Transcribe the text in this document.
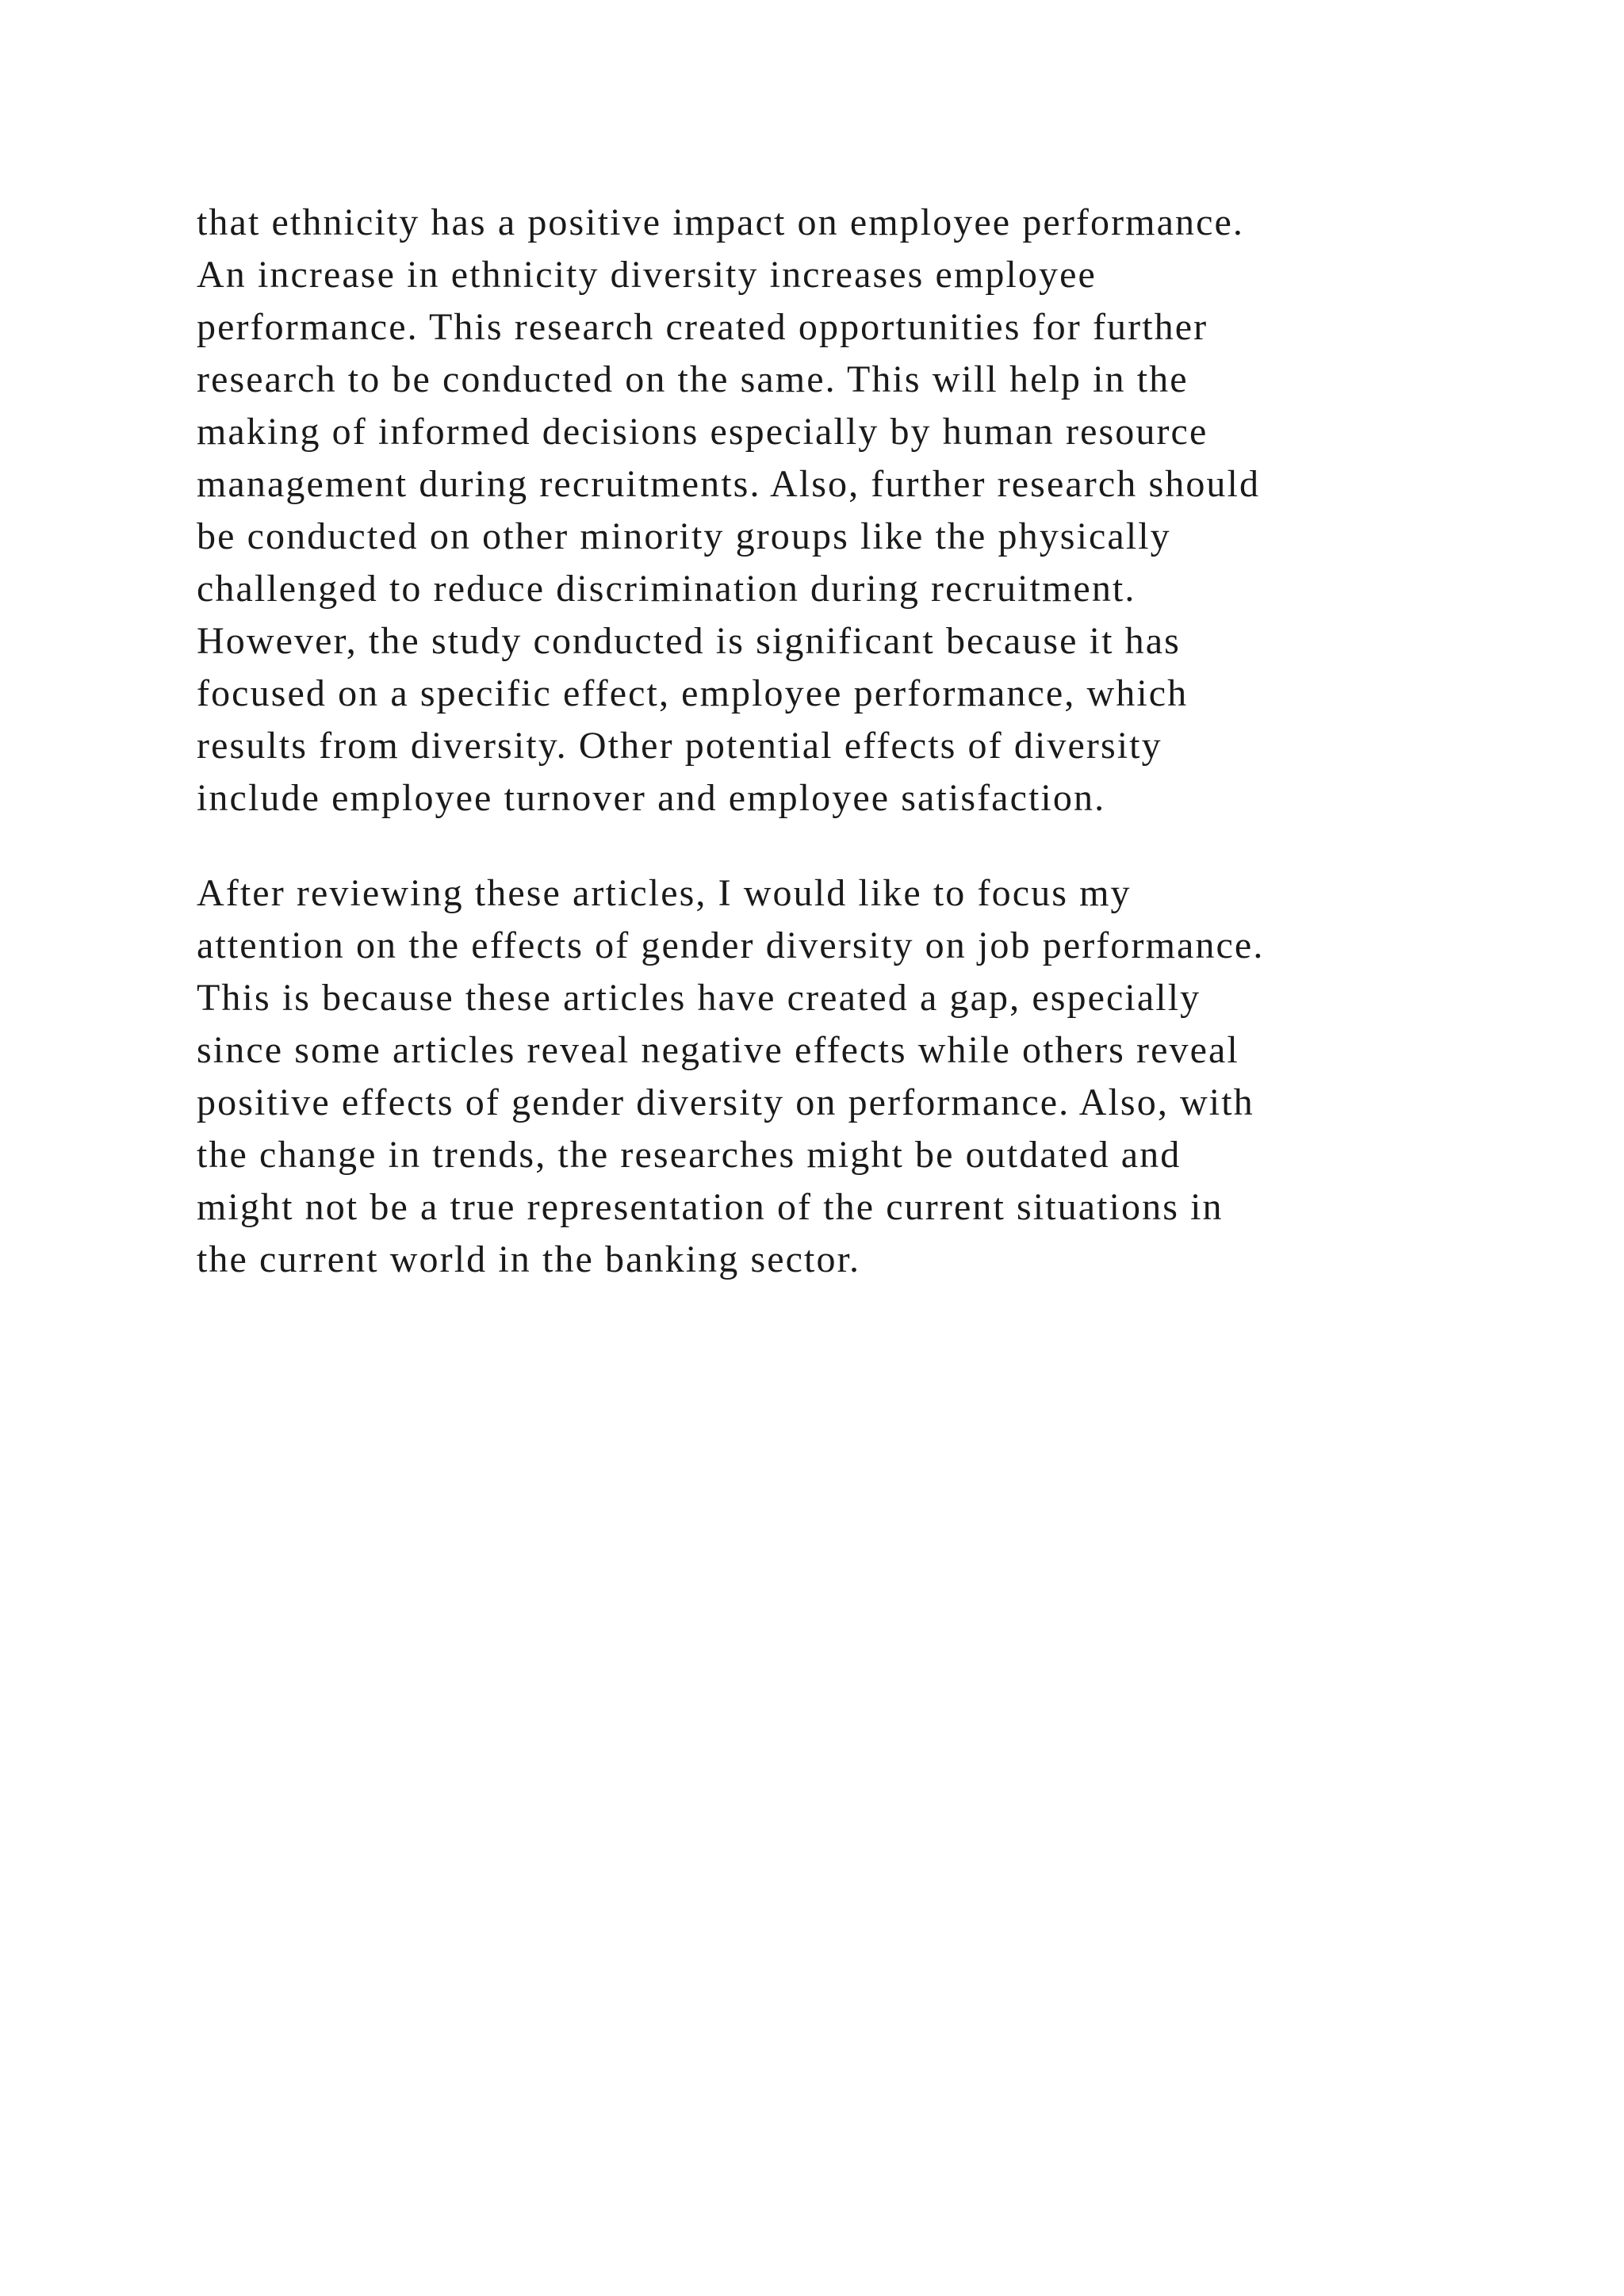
that ethnicity has a positive impact on employee performance.
An increase in ethnicity diversity increases employee
performance. This research created opportunities for further
research to be conducted on the same. This will help in the
making of informed decisions especially by human resource
management during recruitments. Also, further research should
be conducted on other minority groups like the physically
challenged to reduce discrimination during recruitment.
However, the study conducted is significant because it has
focused on a specific effect, employee performance, which
results from diversity. Other potential effects of diversity
include employee turnover and employee satisfaction.
After reviewing these articles, I would like to focus my
attention on the effects of gender diversity on job performance.
This is because these articles have created a gap, especially
since some articles reveal negative effects while others reveal
positive effects of gender diversity on performance. Also, with
the change in trends, the researches might be outdated and
might not be a true representation of the current situations in
the current world in the banking sector.
